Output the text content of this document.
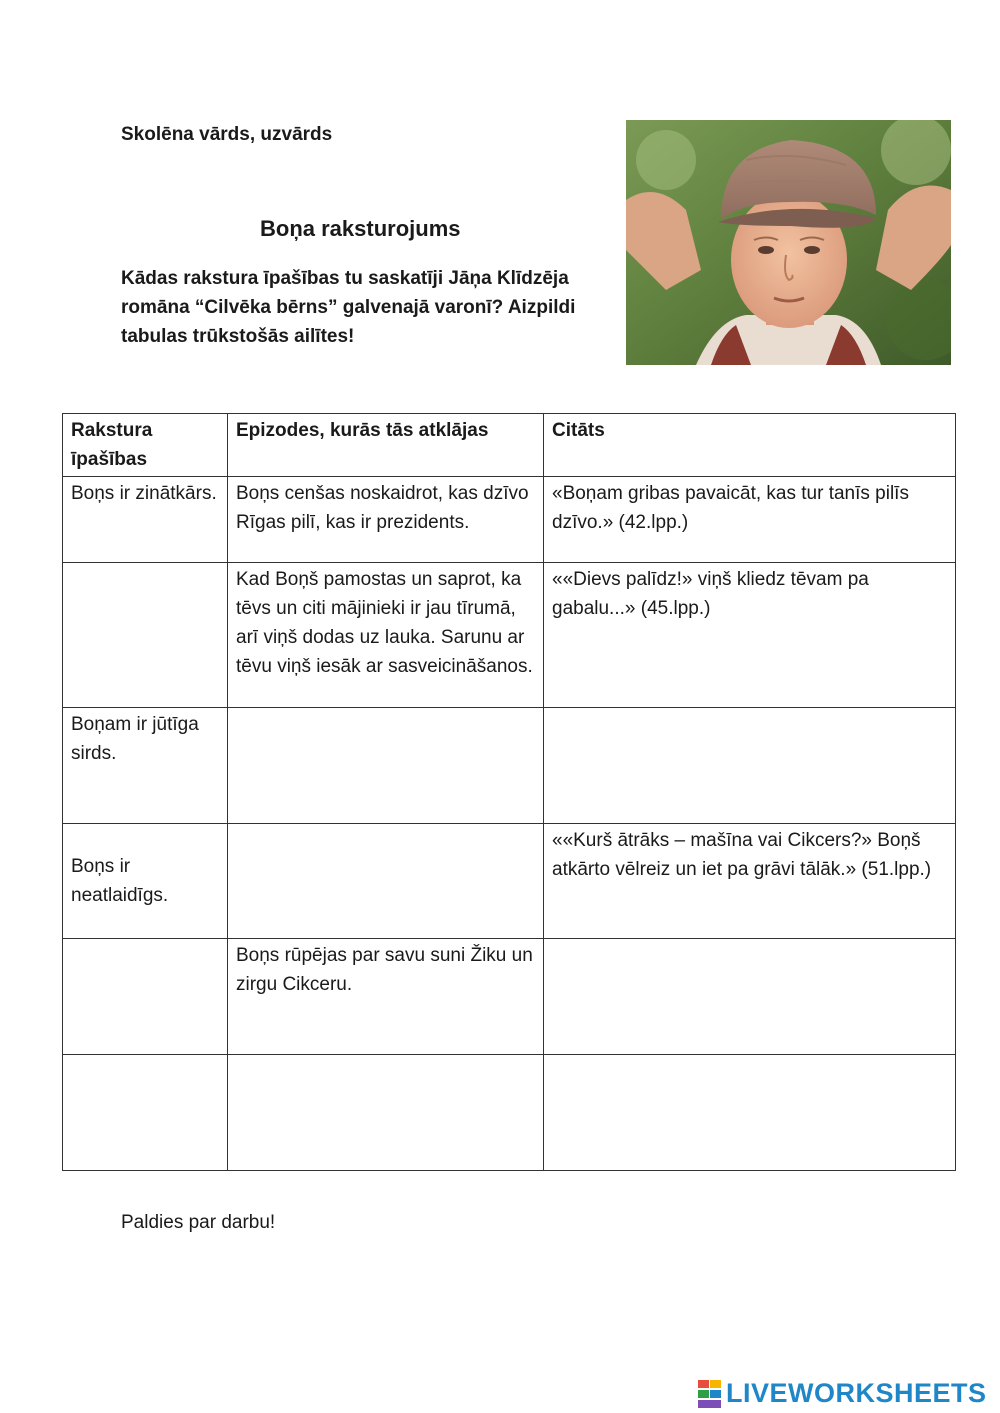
Skolēna vārds, uzvārds
Boņa raksturojums
Kādas rakstura īpašības tu saskatīji Jāņa Klīdzēja romāna “Cilvēka bērns” galvenajā varonī? Aizpildi tabulas trūkstošās ailītes!
Rakstura īpašības	Epizodes, kurās tās atklājas	Citāts
Boņs ir zinātkārs.	Boņs cenšas noskaidrot, kas dzīvo Rīgas pilī, kas ir prezidents.	«Boņam gribas pavaicāt, kas tur tanīs pilīs dzīvo.» (42.lpp.)
	Kad Boņš pamostas un saprot, ka tēvs un citi mājinieki ir jau tīrumā, arī viņš dodas uz lauka. Sarunu ar tēvu viņš iesāk ar sasveicināšanos.	««Dievs palīdz!» viņš kliedz tēvam pa gabalu...» (45.lpp.)
Boņam ir jūtīga sirds.		
Boņs ir neatlaidīgs.		««Kurš ātrāks – mašīna vai Cikcers?» Boņš atkārto vēlreiz un iet pa grāvi tālāk.» (51.lpp.)
	Boņs rūpējas par savu suni Žiku un zirgu Cikceru.	

Paldies par darbu!
LIVEWORKSHEETS
